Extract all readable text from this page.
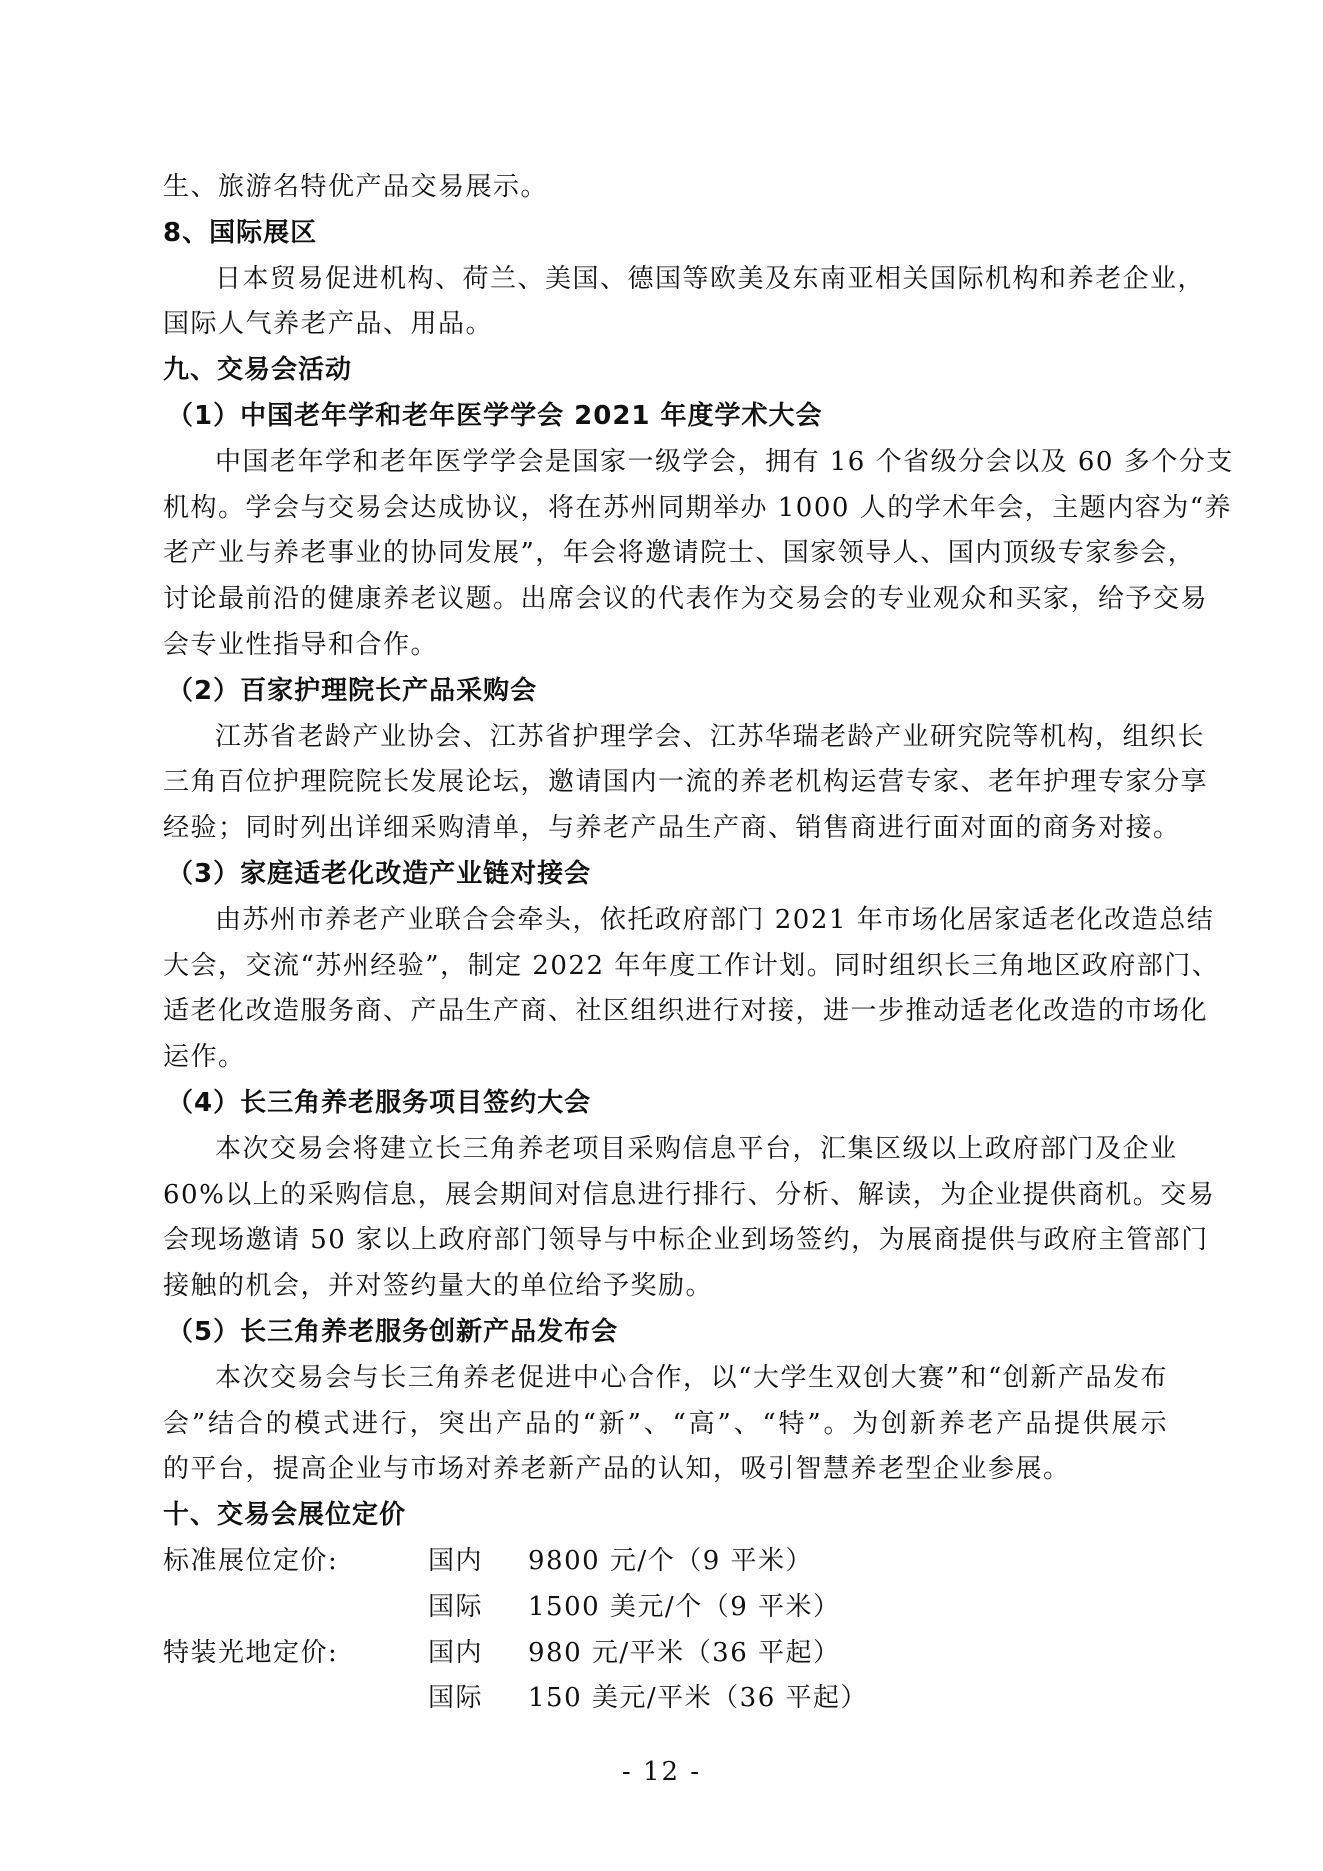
生、旅游名特优产品交易展示。
8、国际展区
日本贸易促进机构、荷兰、美国、德国等欧美及东南亚相关国际机构和养老企业，
国际人气养老产品、用品。
九、交易会活动
（1）中国老年学和老年医学学会 2021 年度学术大会
中国老年学和老年医学学会是国家一级学会，拥有 16 个省级分会以及 60 多个分支
机构。学会与交易会达成协议，将在苏州同期举办 1000 人的学术年会，主题内容为“养
老产业与养老事业的协同发展”，年会将邀请院士、国家领导人、国内顶级专家参会，
讨论最前沿的健康养老议题。出席会议的代表作为交易会的专业观众和买家，给予交易
会专业性指导和合作。
（2）百家护理院长产品采购会
江苏省老龄产业协会、江苏省护理学会、江苏华瑞老龄产业研究院等机构，组织长
三角百位护理院院长发展论坛，邀请国内一流的养老机构运营专家、老年护理专家分享
经验；同时列出详细采购清单，与养老产品生产商、销售商进行面对面的商务对接。
（3）家庭适老化改造产业链对接会
由苏州市养老产业联合会牵头，依托政府部门 2021 年市场化居家适老化改造总结
大会，交流“苏州经验”，制定 2022 年年度工作计划。同时组织长三角地区政府部门、
适老化改造服务商、产品生产商、社区组织进行对接，进一步推动适老化改造的市场化
运作。
（4）长三角养老服务项目签约大会
本次交易会将建立长三角养老项目采购信息平台，汇集区级以上政府部门及企业
60%以上的采购信息，展会期间对信息进行排行、分析、解读，为企业提供商机。交易
会现场邀请 50 家以上政府部门领导与中标企业到场签约，为展商提供与政府主管部门
接触的机会，并对签约量大的单位给予奖励。
（5）长三角养老服务创新产品发布会
本次交易会与长三角养老促进中心合作，以“大学生双创大赛”和“创新产品发布
会”结合的模式进行，突出产品的“新”、“高”、“特”。为创新养老产品提供展示
的平台，提高企业与市场对养老新产品的认知，吸引智慧养老型企业参展。
十、交易会展位定价
标准展位定价:	国内 9800 元/个（9 平米）
国际 1500 美元/个（9 平米）
特装光地定价:	国内 980 元/平米（36 平起）
国际 150 美元/平米（36 平起）
- 12 -
